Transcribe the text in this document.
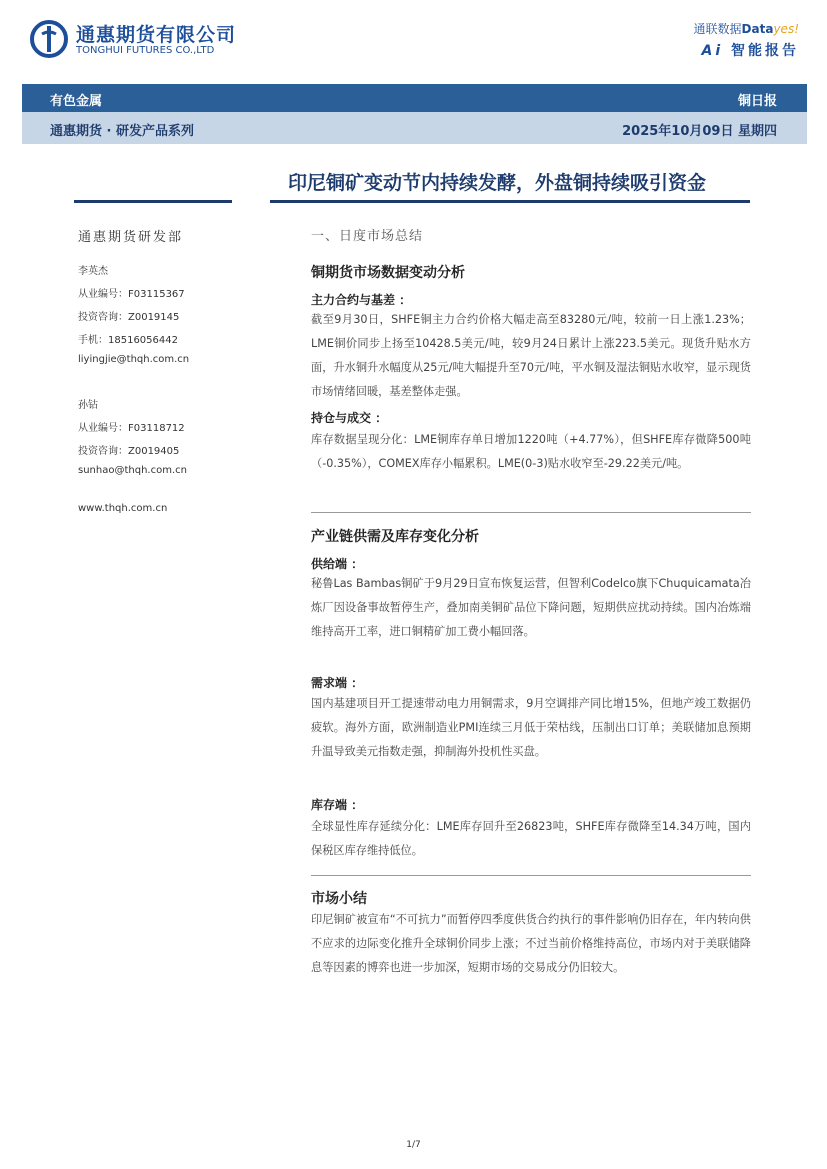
通惠期货有限公司
TONGHUI FUTURES CO.,LTD
通联数据Datayes!
Ai 智能报告
有色金属	铜日报
通惠期货 · 研发产品系列	2025年10月09日 星期四
印尼铜矿变动节内持续发酵，外盘铜持续吸引资金
通惠期货研发部
李英杰
从业编号：F03115367
投资咨询：Z0019145
手机：18516056442
liyingjie@thqh.com.cn
孙钴
从业编号：F03118712
投资咨询：Z0019405
sunhao@thqh.com.cn
www.thqh.com.cn
一、日度市场总结
铜期货市场数据变动分析
主力合约与基差 ：
截至9月30日，SHFE铜主力合约价格大幅走高至83280元/吨，较前一日上涨1.23%；LME铜价同步上扬至10428.5美元/吨，较9月24日累计上涨223.5美元。现货升贴水方面，升水铜升水幅度从25元/吨大幅提升至70元/吨，平水铜及湿法铜贴水收窄，显示现货市场情绪回暖，基差整体走强。
持仓与成交 ：
库存数据呈现分化：LME铜库存单日增加1220吨（+4.77%），但SHFE库存微降500吨（-0.35%），COMEX库存小幅累积。LME(0-3)贴水收窄至-29.22美元/吨。
产业链供需及库存变化分析
供给端 ：
秘鲁Las Bambas铜矿于9月29日宣布恢复运营，但智利Codelco旗下Chuquicamata冶炼厂因设备事故暂停生产，叠加南美铜矿品位下降问题，短期供应扰动持续。国内冶炼端维持高开工率，进口铜精矿加工费小幅回落。
需求端 ：
国内基建项目开工提速带动电力用铜需求，9月空调排产同比增15%，但地产竣工数据仍疲软。海外方面，欧洲制造业PMI连续三月低于荣枯线，压制出口订单；美联储加息预期升温导致美元指数走强，抑制海外投机性买盘。
库存端 ：
全球显性库存延续分化：LME库存回升至26823吨，SHFE库存微降至14.34万吨，国内保税区库存维持低位。
市场小结
印尼铜矿被宣布“不可抗力”而暂停四季度供货合约执行的事件影响仍旧存在，年内转向供不应求的边际变化推升全球铜价同步上涨；不过当前价格维持高位，市场内对于美联储降息等因素的博弈也进一步加深，短期市场的交易成分仍旧较大。
1/7
